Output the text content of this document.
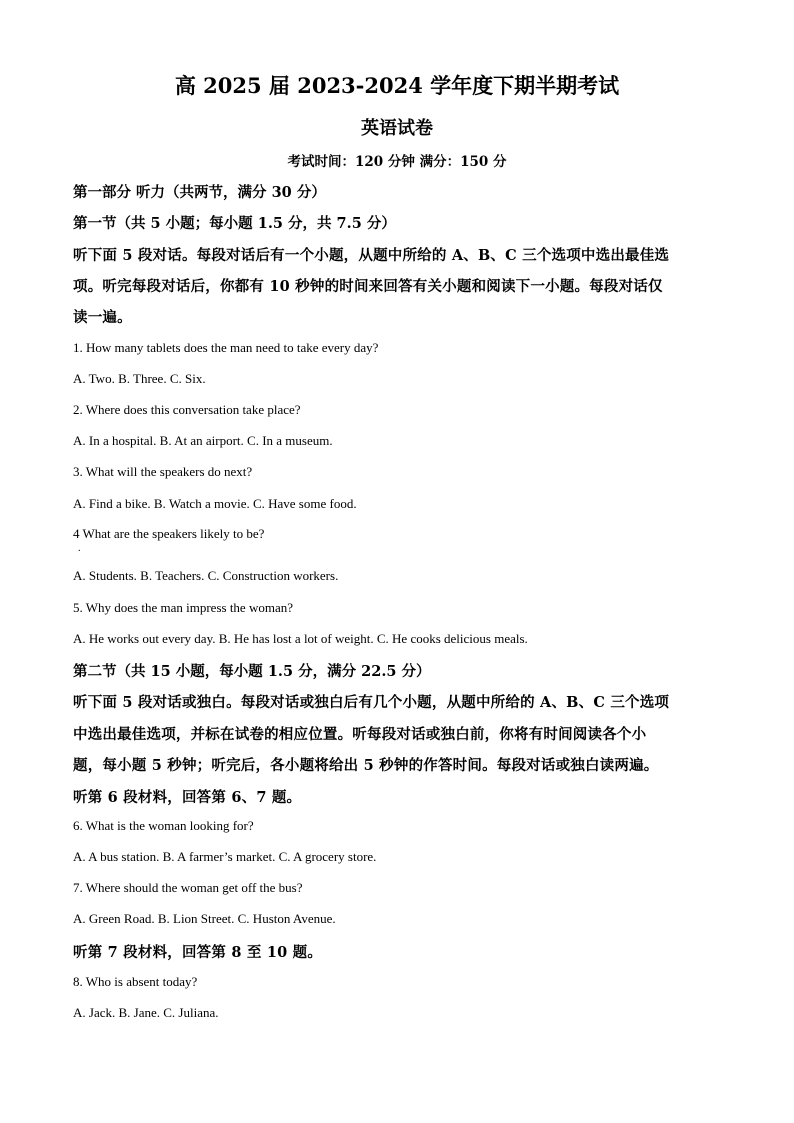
高 2025 届 2023-2024 学年度下期半期考试
英语试卷
考试时间：120 分钟 满分：150 分
第一部分 听力（共两节，满分 30 分）
第一节（共 5 小题；每小题 1.5 分，共 7.5 分）
听下面 5 段对话。每段对话后有一个小题，从题中所给的 A、B、C 三个选项中选出最佳选
项。听完每段对话后，你都有 10 秒钟的时间来回答有关小题和阅读下一小题。每段对话仅
读一遍。
1. How many tablets does the man need to take every day?
A. Two. B. Three. C. Six.
2. Where does this conversation take place?
A. In a hospital. B. At an airport. C. In a museum.
3. What will the speakers do next?
A. Find a bike. B. Watch a movie. C. Have some food.
4 What are the speakers likely to be?
.
A. Students. B. Teachers. C. Construction workers.
5. Why does the man impress the woman?
A. He works out every day. B. He has lost a lot of weight. C. He cooks delicious meals.
第二节（共 15 小题，每小题 1.5 分，满分 22.5 分）
听下面 5 段对话或独白。每段对话或独白后有几个小题，从题中所给的 A、B、C 三个选项
中选出最佳选项，并标在试卷的相应位置。听每段对话或独白前，你将有时间阅读各个小
题，每小题 5 秒钟；听完后，各小题将给出 5 秒钟的作答时间。每段对话或独白读两遍。
听第 6 段材料，回答第 6、7 题。
6. What is the woman looking for?
A. A bus station. B. A farmer’s market. C. A grocery store.
7. Where should the woman get off the bus?
A. Green Road. B. Lion Street. C. Huston Avenue.
听第 7 段材料，回答第 8 至 10 题。
8. Who is absent today?
A. Jack. B. Jane. C. Juliana.
